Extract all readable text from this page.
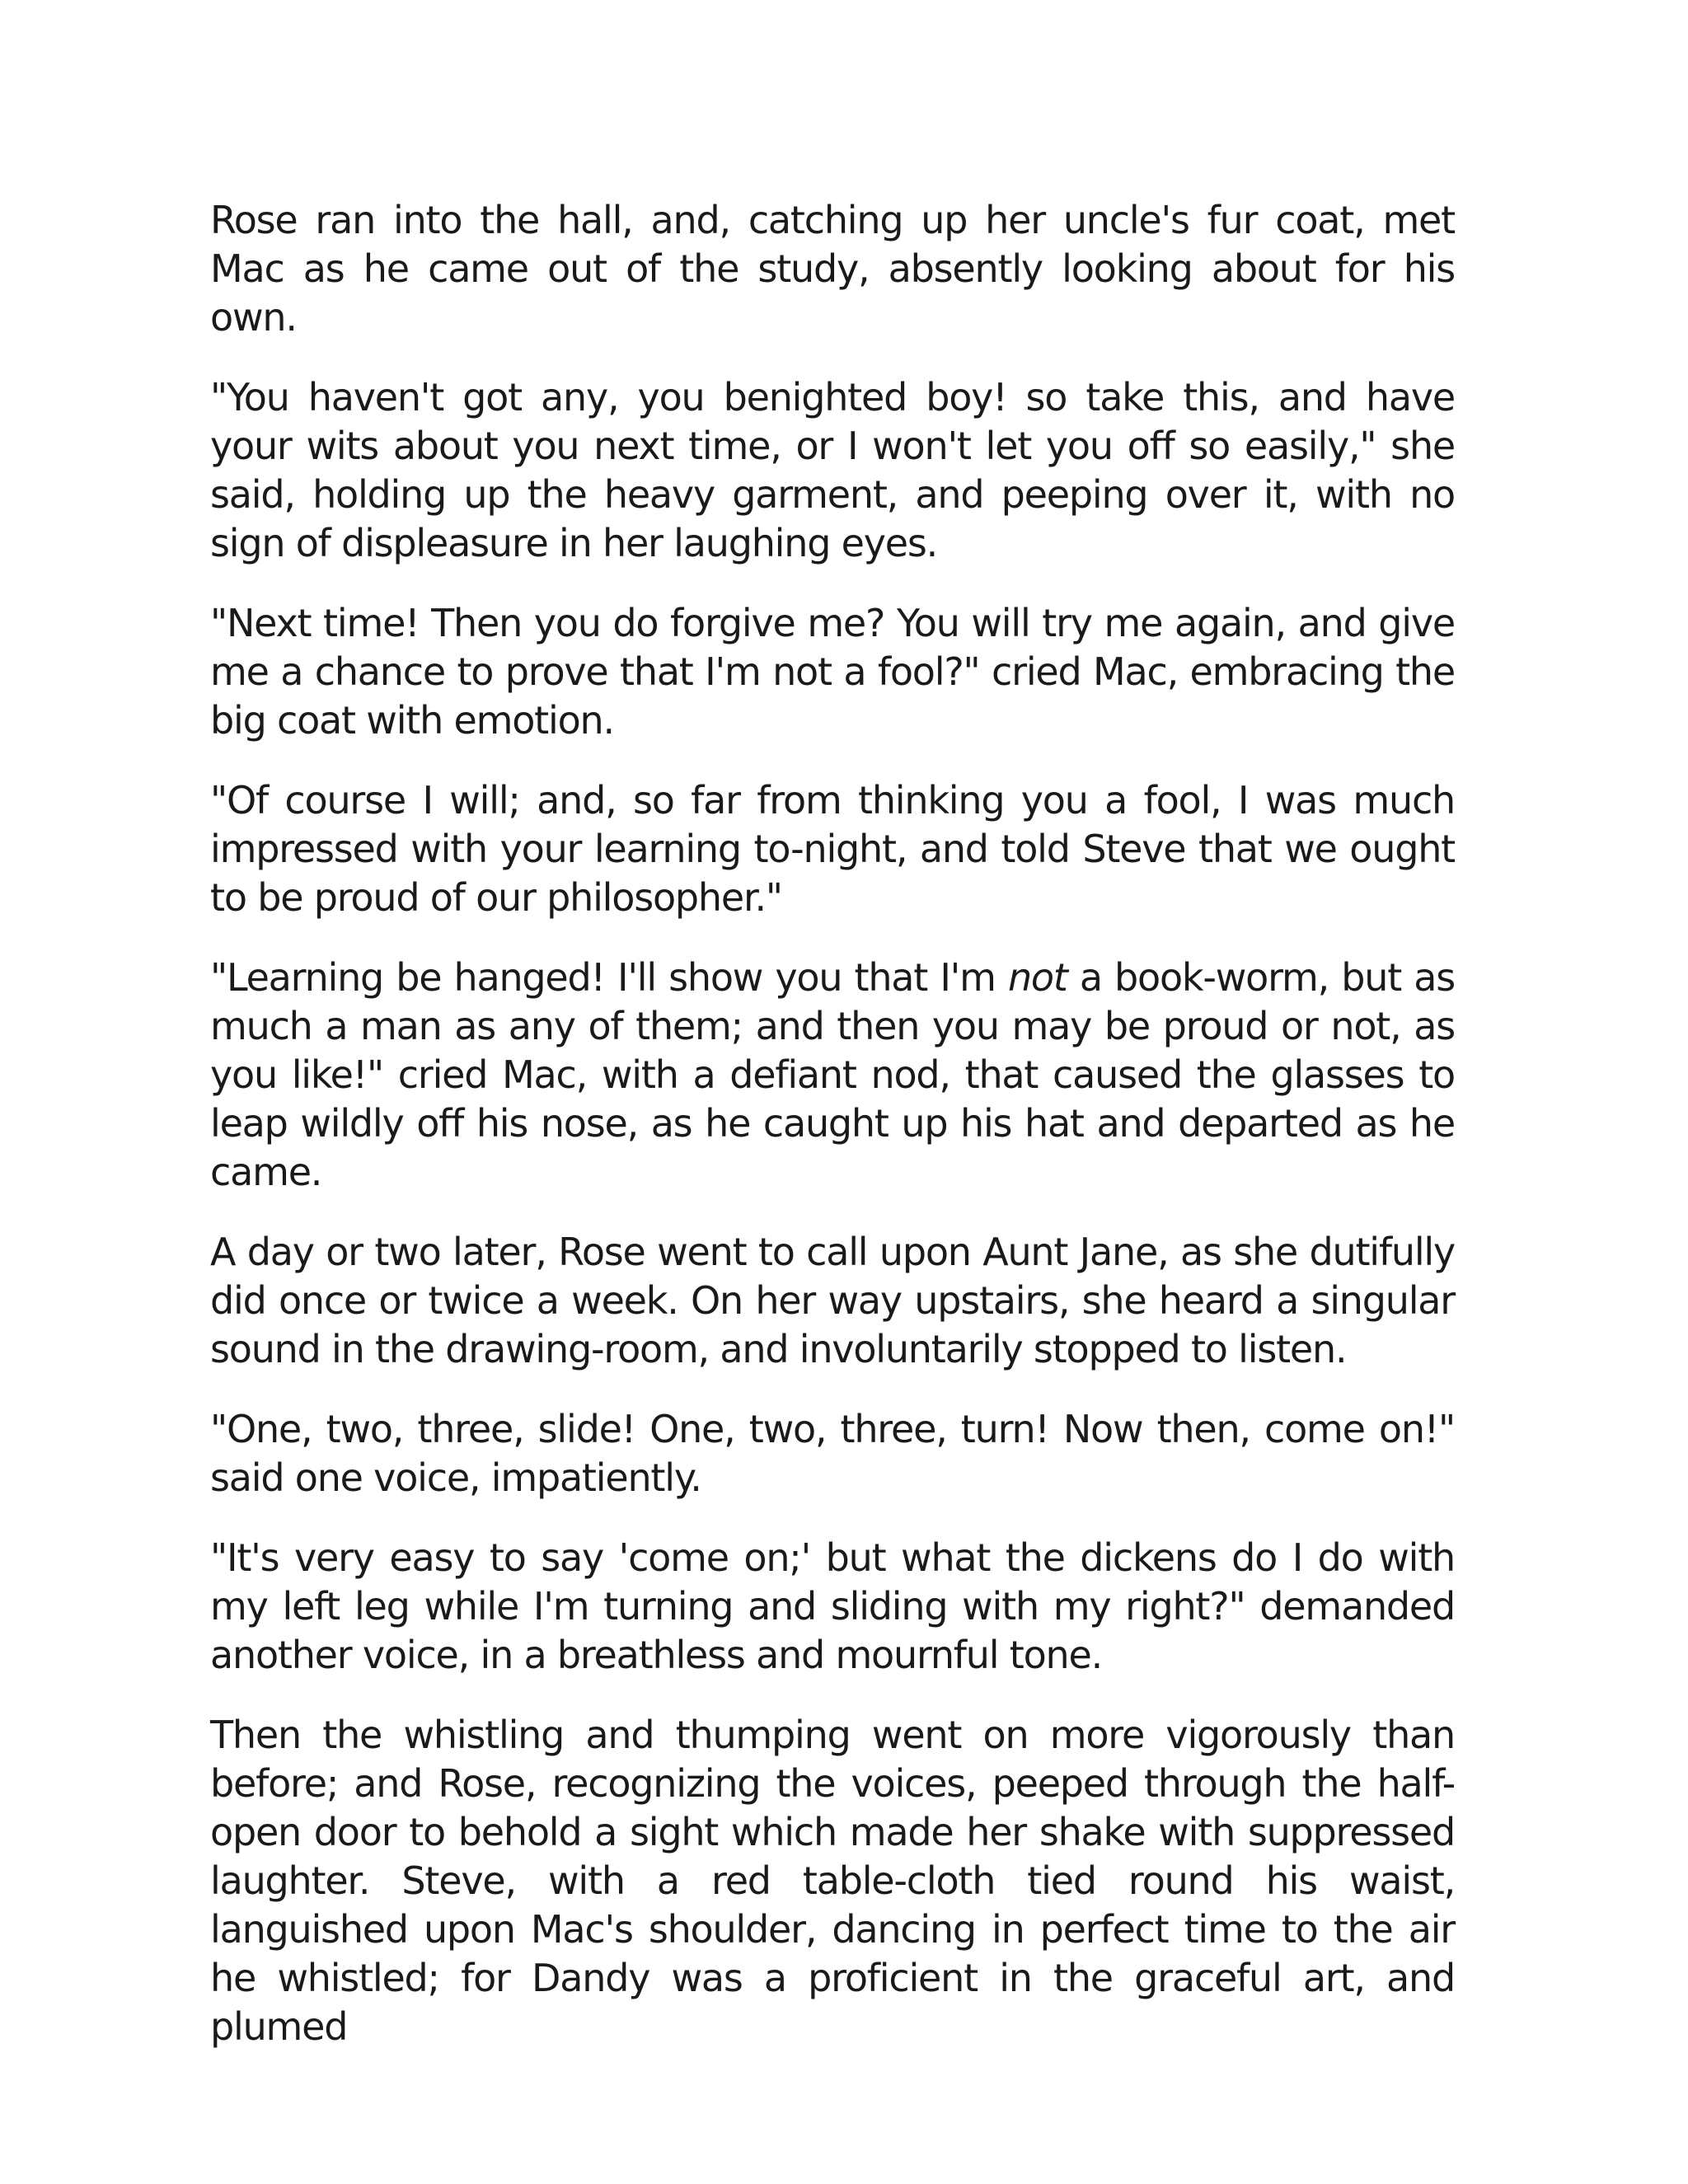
Rose ran into the hall, and, catching up her uncle's fur coat, met Mac as he came out of the study, absently looking about for his own.

"You haven't got any, you benighted boy! so take this, and have your wits about you next time, or I won't let you off so easily," she said, holding up the heavy garment, and peeping over it, with no sign of displeasure in her laughing eyes.

"Next time! Then you do forgive me? You will try me again, and give me a chance to prove that I'm not a fool?" cried Mac, embracing the big coat with emotion.

"Of course I will; and, so far from thinking you a fool, I was much impressed with your learning to-night, and told Steve that we ought to be proud of our philosopher."

"Learning be hanged! I'll show you that I'm not a book-worm, but as much a man as any of them; and then you may be proud or not, as you like!" cried Mac, with a defiant nod, that caused the glasses to leap wildly off his nose, as he caught up his hat and departed as he came.

A day or two later, Rose went to call upon Aunt Jane, as she dutifully did once or twice a week. On her way upstairs, she heard a singular sound in the drawing-room, and involuntarily stopped to listen.

"One, two, three, slide! One, two, three, turn! Now then, come on!" said one voice, impatiently.

"It's very easy to say 'come on;' but what the dickens do I do with my left leg while I'm turning and sliding with my right?" demanded another voice, in a breathless and mournful tone.

Then the whistling and thumping went on more vigorously than before; and Rose, recognizing the voices, peeped through the half-open door to behold a sight which made her shake with suppressed laughter. Steve, with a red table-cloth tied round his waist, languished upon Mac's shoulder, dancing in perfect time to the air he whistled; for Dandy was a proficient in the graceful art, and plumed
